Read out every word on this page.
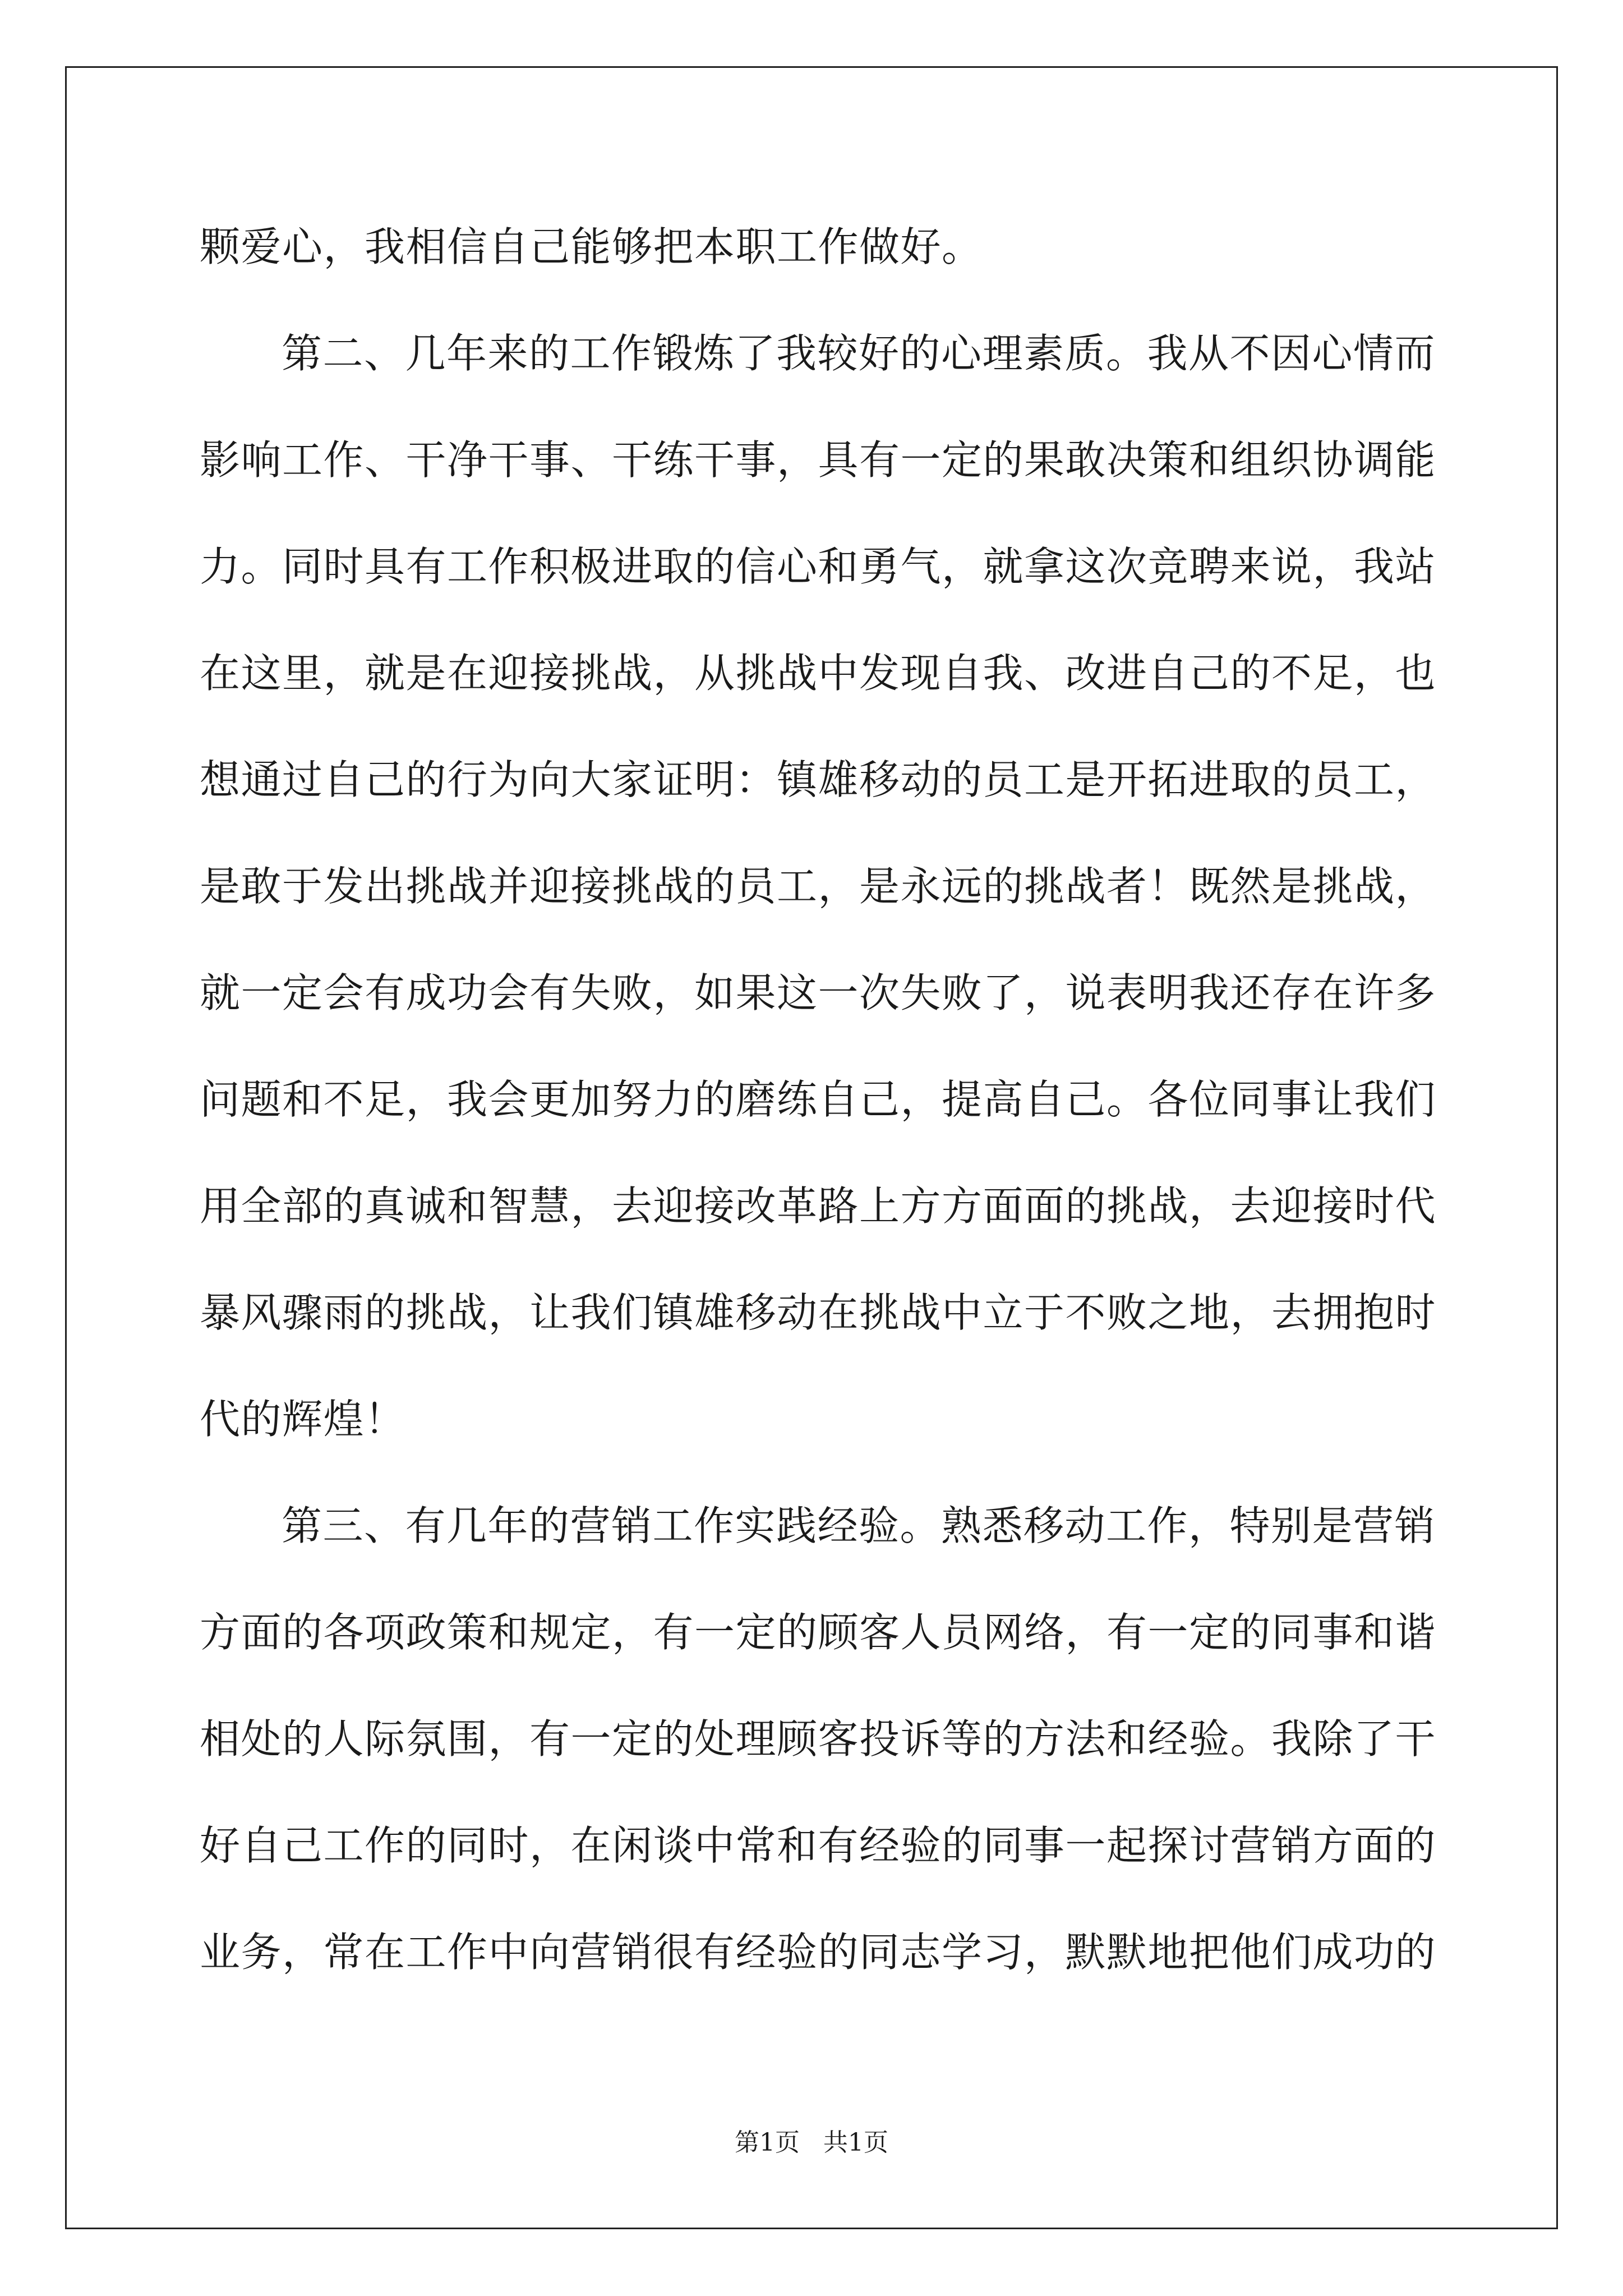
颗爱心，我相信自己能够把本职工作做好。
第二、几年来的工作锻炼了我较好的心理素质。我从不因心情而
影响工作、干净干事、干练干事，具有一定的果敢决策和组织协调能
力。同时具有工作积极进取的信心和勇气，就拿这次竞聘来说，我站
在这里，就是在迎接挑战，从挑战中发现自我、改进自己的不足，也
想通过自己的行为向大家证明：镇雄移动的员工是开拓进取的员工，
是敢于发出挑战并迎接挑战的员工，是永远的挑战者！既然是挑战，
就一定会有成功会有失败，如果这一次失败了，说表明我还存在许多
问题和不足，我会更加努力的磨练自己，提高自己。各位同事让我们
用全部的真诚和智慧，去迎接改革路上方方面面的挑战，去迎接时代
暴风骤雨的挑战，让我们镇雄移动在挑战中立于不败之地，去拥抱时
代的辉煌！
第三、有几年的营销工作实践经验。熟悉移动工作，特别是营销
方面的各项政策和规定，有一定的顾客人员网络，有一定的同事和谐
相处的人际氛围，有一定的处理顾客投诉等的方法和经验。我除了干
好自己工作的同时，在闲谈中常和有经验的同事一起探讨营销方面的
业务，常在工作中向营销很有经验的同志学习，默默地把他们成功的
第1页   共1页
